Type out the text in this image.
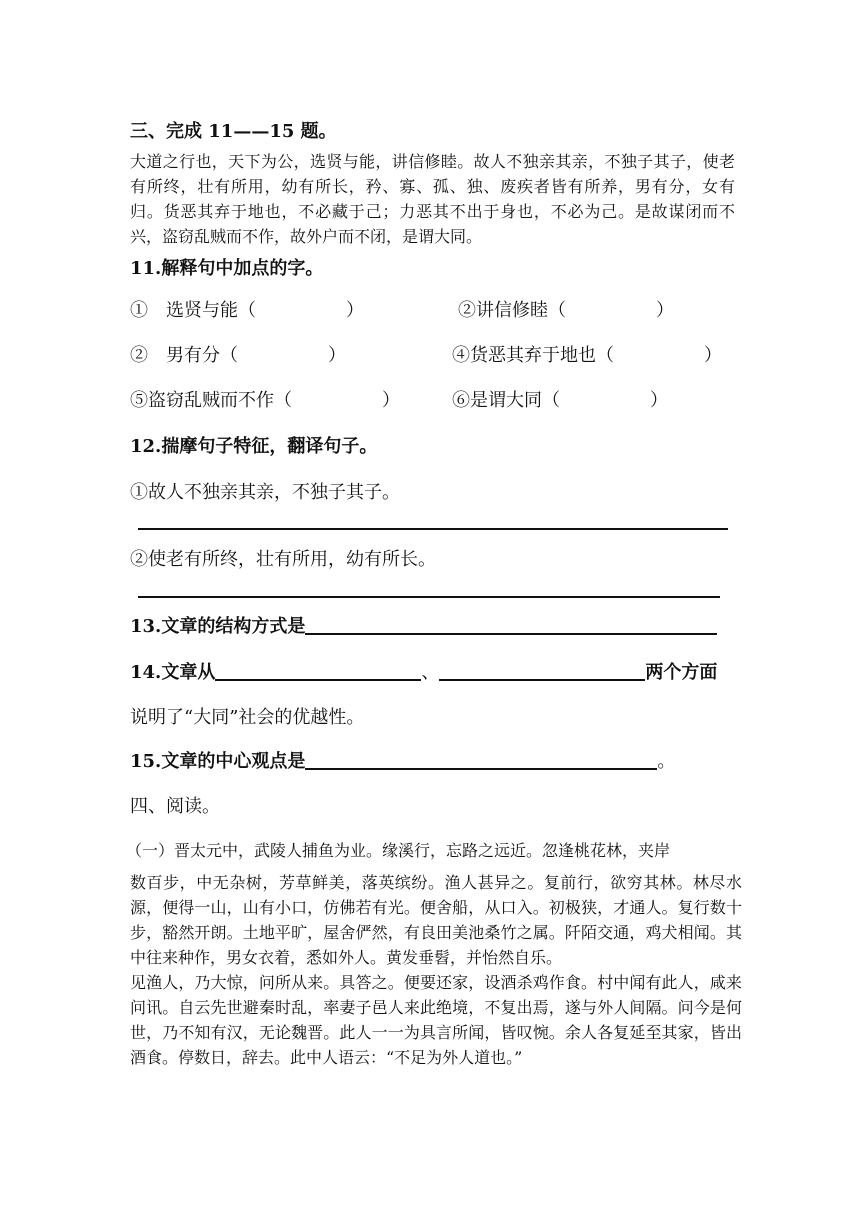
三、完成 11——15 题。

大道之行也，天下为公，选贤与能，讲信修睦。故人不独亲其亲，不独子其子，使老有所终，壮有所用，幼有所长，矜、寡、孤、独、废疾者皆有所养，男有分，女有归。货恶其弃于地也，不必藏于己；力恶其不出于身也，不必为己。是故谋闭而不兴，盗窃乱贼而不作，故外户而不闭，是谓大同。

11.解释句中加点的字。
①　选贤与能（　　　　　）	②讲信修睦（　　　　　）
②　男有分（　　　　　）	④货恶其弃于地也（　　　　　）
⑤盗窃乱贼而不作（　　　　　）	⑥是谓大同（　　　　　）
12.揣摩句子特征，翻译句子。
①故人不独亲其亲，不独子其子。
②使老有所终，壮有所用，幼有所长。
13.文章的结构方式是
14.文章从	、	两个方面
说明了“大同”社会的优越性。
15.文章的中心观点是	。
四、阅读。

（一）晋太元中，武陵人捕鱼为业。缘溪行，忘路之远近。忽逢桃花林，夹岸

数百步，中无杂树，芳草鲜美，落英缤纷。渔人甚异之。复前行，欲穷其林。林尽水源，便得一山，山有小口，仿佛若有光。便舍船，从口入。初极狭，才通人。复行数十步，豁然开朗。土地平旷，屋舍俨然，有良田美池桑竹之属。阡陌交通，鸡犬相闻。其中往来种作，男女衣着，悉如外人。黄发垂髫，并怡然自乐。

见渔人，乃大惊，问所从来。具答之。便要还家，设酒杀鸡作食。村中闻有此人，咸来问讯。自云先世避秦时乱，率妻子邑人来此绝境，不复出焉，遂与外人间隔。问今是何世，乃不知有汉，无论魏晋。此人一一为具言所闻，皆叹惋。余人各复延至其家，皆出酒食。停数日，辞去。此中人语云：“不足为外人道也。”
